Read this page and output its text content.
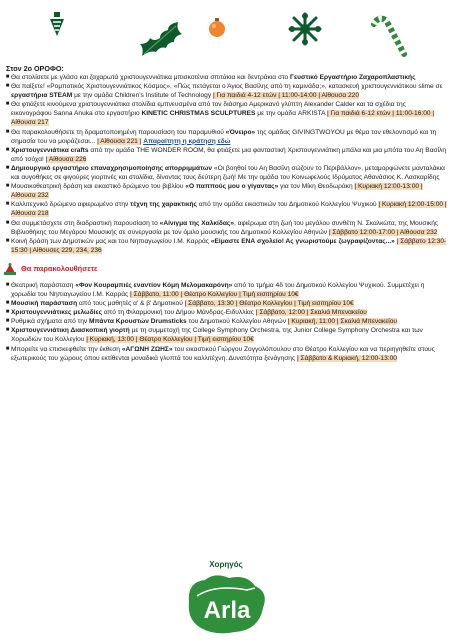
Στον 2ο ΟΡΟΦΟ:
■ Θα στολίσετε με γλάσο και ζαχαρωτά χριστουγεννιάτικα μπισκοτένια σπιτάκια και δεντράκια στο Γευστικό Εργαστήριο Ζαχαροπλαστικής
■ Θα παίξετε! «Ρομποτικός Χριστουγεννιάτικος Κόσμος», «Πώς πετάγεται ο Άγιος Βασίλης από τη καμινάδα;», κατασκευή χριστουγεννιάτικου slime σε εργαστήρια STEAM με την ομάδα Children's Institute of Technology | Για παιδιά 4-12 ετών | 11:00-14:00 | Αίθουσα 220
■ Θα φτιάξετε κινούμενα χριστουγεννιάτικα στολίδια εμπνευσμένα από τον διάσημο Αμερικανό γλύπτη Alexander Calder και τα σχέδια της εικονογράφου Sanna Anuka στο εργαστήριο KINETIC CHRISTMAS SCULPTURES με την ομάδα ARKISTA | Για παιδιά 6-12 ετών | 11:00-16:00 | Αίθουσα 217
■ Θα παρακολουθήσετε τη δραματοποιημένη παρουσίαση του παραμυθιού «Όνειρο» της ομάδας GIVINGTWOYOU με θέμα τον εθελοντισμό και τη σημασία του να μοιράζεσαι... | Αίθουσα 221 | Απαραίτητη η κράτηση εδώ
■ Χριστουγεννιάτικα crafts από την ομάδα THE WONDER ROOM, θα φτιάξετε μια φανταστική Χριστουγεννιάτικη μπάλα και μια μπότα του Αη Βασίλη από τσόχα! | Αίθουσα 226
■ Δημιουργικό εργαστήριο επαναχρησιμοποίησης απορριμμάτων «Οι βοηθοί του Αη Βασίλη σώζουν το Περιβάλλον», μεταμορφώνετε μανταλάκια και αυγοθήκες σε φιγούρες γιορτινές και στολίδια, δίνοντας τους δεύτερη ζωή! Με την ομάδα του Κοινωφελούς Ιδρύματος Αθανάσιος Κ. Λασκαρίδης
■ Μουσικοθεατρική δράση και εικαστικό δρώμενο του βιβλίου «Ο παππούς μου ο γίγαντας» για τον Μίκη Θεοδωράκη | Κυριακή 12:00-13:00 | Αίθουσα 232
■ Καλλιτεχνικό δρώμενο αφιερωμένο στην τέχνη της χαρακτικής από την ομάδα εικαστικών του Δημοτικού Κολλεγίου Ψυχικού | Κυριακή 12:00-15:00 | Αίθουσα 218
■ Θα συμμετάσχετε στη διαδραστική παρουσίαση το «Αίνιγμα της Χαλκίδας», αφιέρωμα στη ζωή του μεγάλου συνθέτη Ν. Σκαλκώτα, της Μουσικής Βιβλιοθήκης του Μεγάρου Μουσικής σε συνεργασία με τον όμιλο μουσικής του Δημοτικού Κολλεγίου Αθηνών | Σάββατο 12:00-17:00 | Αίθουσα 232
■ Κοινή δράση των Δημοτικών μας και του Νηπιαγωγείου Ι.Μ. Καρράς «Είμαστε ΕΝΑ σχολείο! Ας γνωριστούμε ζωγραφίζοντας...» | Σάββατο 12:30-15:30 | Αίθουσες 229, 234, 236
Θα παρακολουθήσετε
■ Θεατρική παράσταση «Φον Κουραμπιές εναντίον Κόμη Μελομακαρόνη» από το τμήμα 4δ του Δημοτικού Κολλεγίου Ψυχικού. Συμμετέχει η χορωδία του Νηπιαγωγείου Ι.Μ. Καρράς | Σάββατο, 11:00 | Θέατρο Κολλεγίου | Τιμή εισιτηρίου 10€
■ Μουσική παράσταση από τους μαθητές α' & β' Δημοτικού | Σάββατο, 13:30 | Θέατρο Κολλεγίου | Τιμή εισιτηρίου 10€
■ Χριστουγεννιάτικες μελωδίες από τη Φιλαρμονική του Δήμου Μάνδρας-Ειδυλλίας | Σάββατο, 12:00 | Σκαλιά Μπενακείου
■ Ρυθμικά σχήματα από την Μπάντα Κρουστών Drumsticks του Δημοτικού Κολλεγίου Αθηνών | Κυριακή, 11:00 | Σκαλιά Μπενακείου
■ Χριστουγεννιάτικη Διασκοπική γιορτή με τη συμμετοχή της College Symphony Orchestra, της Junior College Symphony Orchestra και των Χορωδιών του Κολλεγίου | Κυριακή, 13:00 | Θέατρο Κολλεγίου | Τιμή εισιτηρίου 10€
■ Μπορείτε να επισκεφθείτε την έκθεση «ΑΓΩΝΗ ΖΩΗΣ» του εικαστικού Γιώργου Ζογγολόπουλου στο Θέατρο Κολλεγίου και να περιηγηθείτε στους εξωτερικούς του χώρους όπου εκτίθενται μοναδικά γλυπτά του καλλιτέχνη. Δυνατότητα ξενάγησης | Σάββατο & Κυριακή, 12:00-13:00
Χορηγός
Arla
